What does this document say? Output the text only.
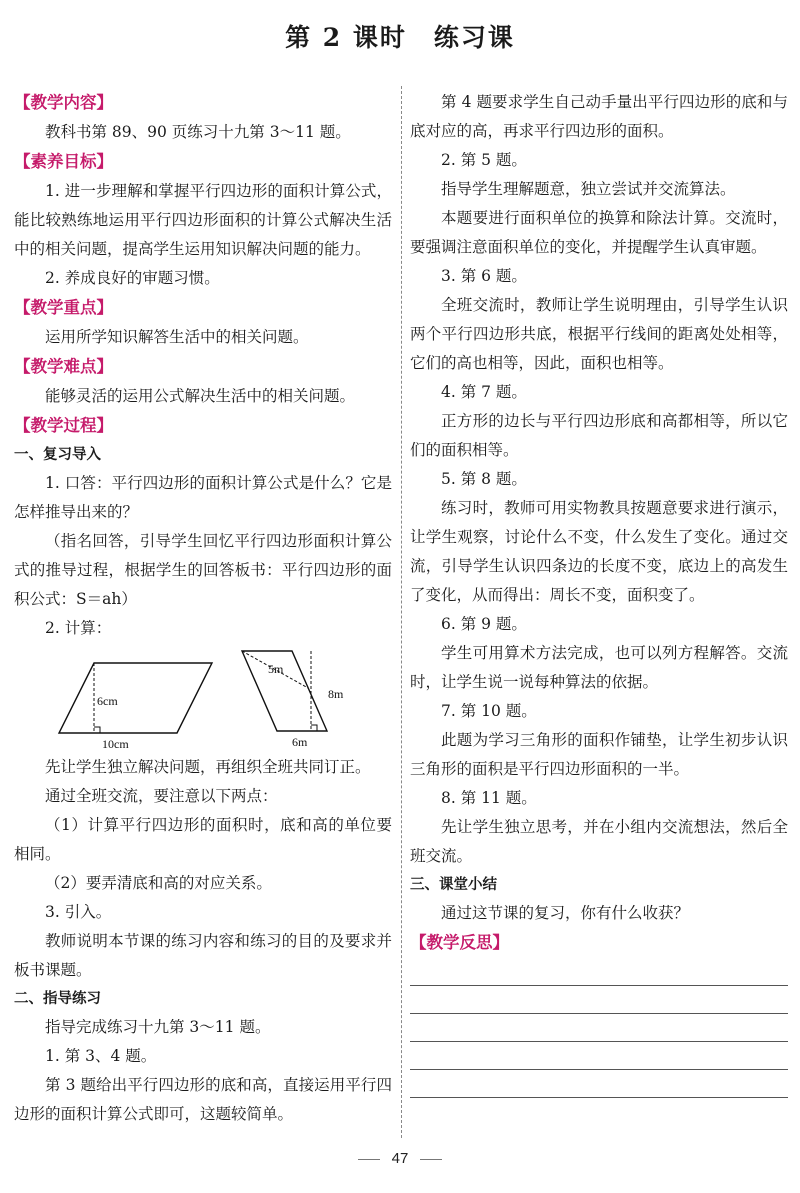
第 2 课时　练习课
【教学内容】

教科书第 89、90 页练习十九第 3～11 题。

【素养目标】

1. 进一步理解和掌握平行四边形的面积计算公式，能比较熟练地运用平行四边形面积的计算公式解决生活中的相关问题，提高学生运用知识解决问题的能力。

2. 养成良好的审题习惯。

【教学重点】

运用所学知识解答生活中的相关问题。

【教学难点】

能够灵活的运用公式解决生活中的相关问题。

【教学过程】
一、复习导入

1. 口答：平行四边形的面积计算公式是什么？它是怎样推导出来的？

（指名回答，引导学生回忆平行四边形面积计算公式的推导过程，根据学生的回答板书：平行四边形的面积公式：S＝ah）

2. 计算：

6cm
10cm
5m
8m
6m

先让学生独立解决问题，再组织全班共同订正。

通过全班交流，要注意以下两点：

（1）计算平行四边形的面积时，底和高的单位要相同。

（2）要弄清底和高的对应关系。

3. 引入。

教师说明本节课的练习内容和练习的目的及要求并板书课题。

二、指导练习

指导完成练习十九第 3～11 题。

1. 第 3、4 题。

第 3 题给出平行四边形的底和高，直接运用平行四边形的面积计算公式即可，这题较简单。

第 4 题要求学生自己动手量出平行四边形的底和与底对应的高，再求平行四边形的面积。

2. 第 5 题。

指导学生理解题意，独立尝试并交流算法。

本题要进行面积单位的换算和除法计算。交流时，要强调注意面积单位的变化，并提醒学生认真审题。

3. 第 6 题。

全班交流时，教师让学生说明理由，引导学生认识两个平行四边形共底，根据平行线间的距离处处相等，它们的高也相等，因此，面积也相等。

4. 第 7 题。

正方形的边长与平行四边形底和高都相等，所以它们的面积相等。

5. 第 8 题。

练习时，教师可用实物教具按题意要求进行演示，让学生观察，讨论什么不变，什么发生了变化。通过交流，引导学生认识四条边的长度不变，底边上的高发生了变化，从而得出：周长不变，面积变了。

6. 第 9 题。

学生可用算术方法完成，也可以列方程解答。交流时，让学生说一说每种算法的依据。

7. 第 10 题。

此题为学习三角形的面积作铺垫，让学生初步认识三角形的面积是平行四边形面积的一半。

8. 第 11 题。

先让学生独立思考，并在小组内交流想法，然后全班交流。

三、课堂小结

通过这节课的复习，你有什么收获？

【教学反思】
47
